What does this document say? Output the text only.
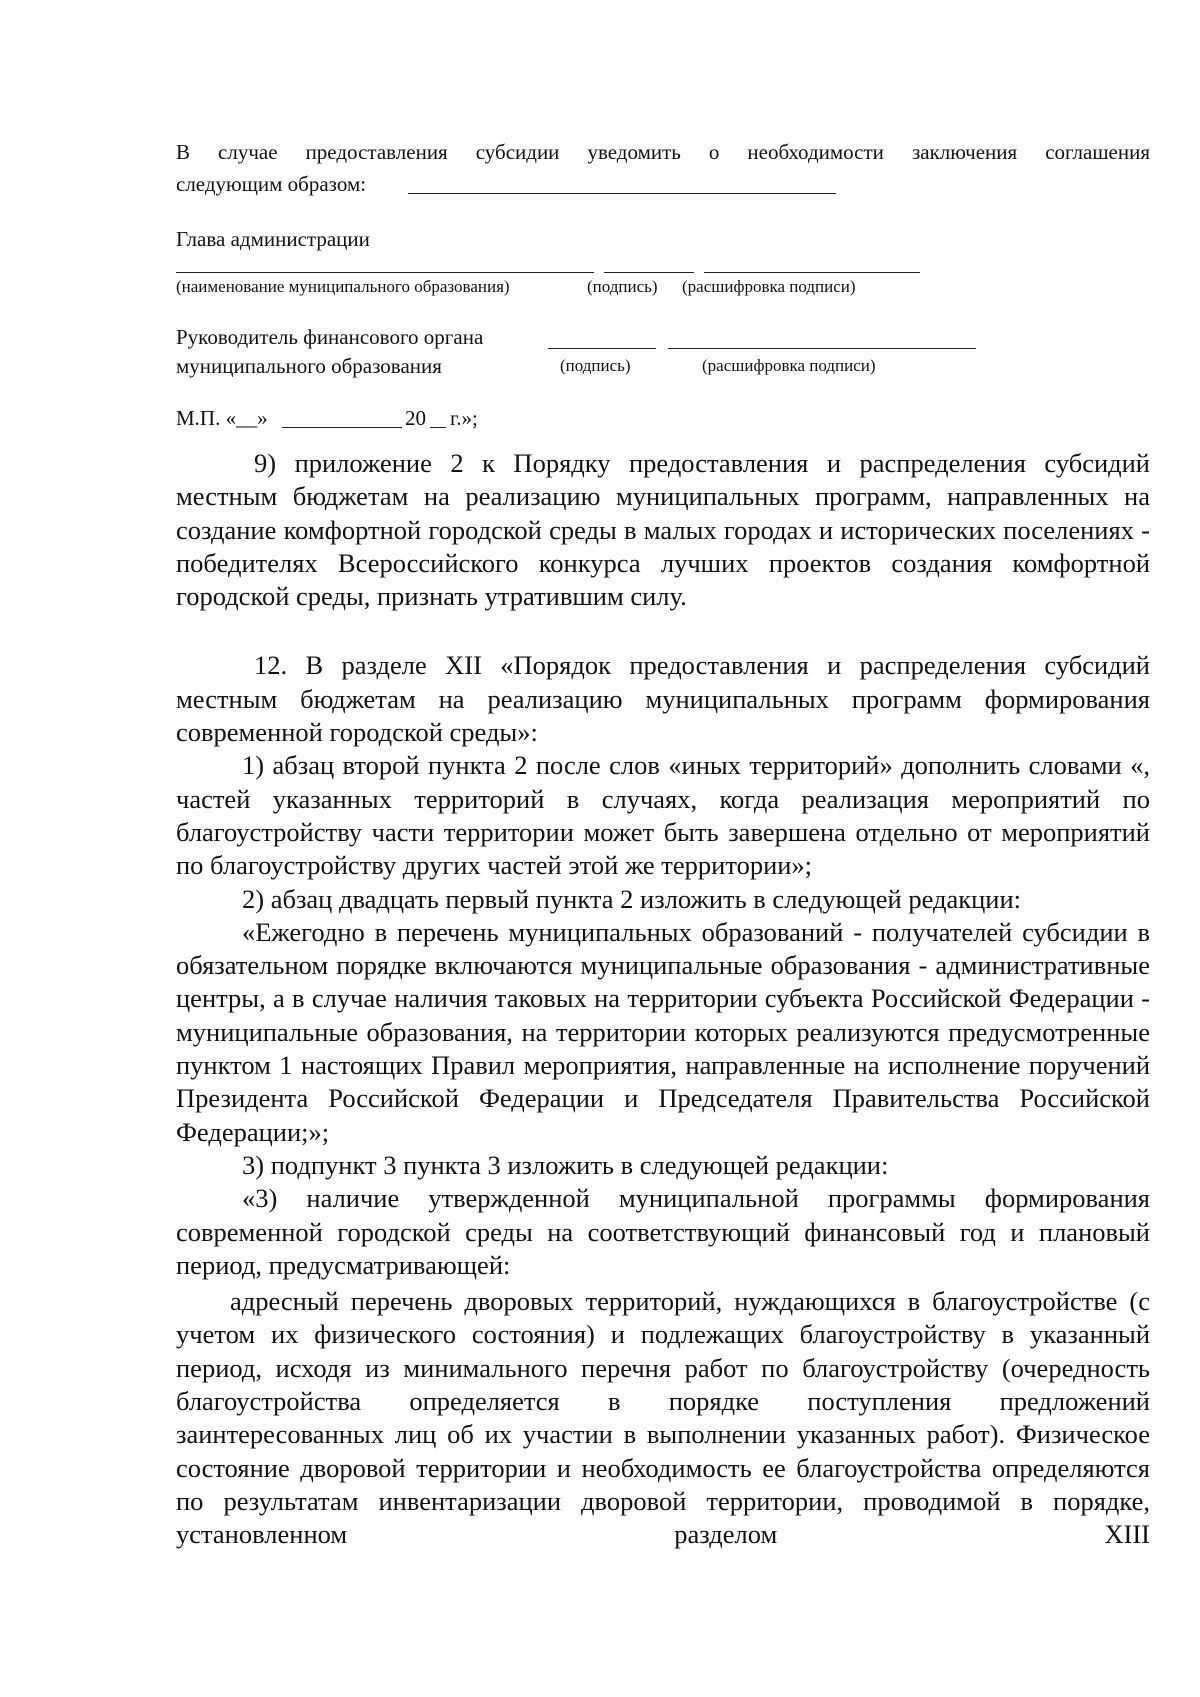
В случае предоставления субсидии уведомить о необходимости заключения соглашения
следующим образом:
Глава администрации
(наименование муниципального образования)	(подпись) (расшифровка подписи)
Руководитель финансового органа
муниципального образования	(подпись)	(расшифровка подписи)
М.П. «__»	20 г.»;

9) приложение 2 к Порядку предоставления и распределения субсидий местным бюджетам на реализацию муниципальных программ, направленных на создание комфортной городской среды в малых городах и исторических поселениях - победителях Всероссийского конкурса лучших проектов создания комфортной городской среды, признать утратившим силу.

12. В разделе XII «Порядок предоставления и распределения субсидий местным бюджетам на реализацию муниципальных программ формирования современной городской среды»:

1) абзац второй пункта 2 после слов «иных территорий» дополнить словами «, частей указанных территорий в случаях, когда реализация мероприятий по благоустройству части территории может быть завершена отдельно от мероприятий по благоустройству других частей этой же территории»;

2) абзац двадцать первый пункта 2 изложить в следующей редакции:

«Ежегодно в перечень муниципальных образований - получателей субсидии в обязательном порядке включаются муниципальные образования - административные центры, а в случае наличия таковых на территории субъекта Российской Федерации - муниципальные образования, на территории которых реализуются предусмотренные пунктом 1 настоящих Правил мероприятия, направленные на исполнение поручений Президента Российской Федерации и Председателя Правительства Российской Федерации;»;

3) подпункт 3 пункта 3 изложить в следующей редакции:

«3) наличие утвержденной муниципальной программы формирования современной городской среды на соответствующий финансовый год и плановый период, предусматривающей:

адресный перечень дворовых территорий, нуждающихся в благоустройстве (с учетом их физического состояния) и подлежащих благоустройству в указанный период, исходя из минимального перечня работ по благоустройству (очередность благоустройства определяется в порядке поступления предложений заинтересованных лиц об их участии в выполнении указанных работ). Физическое состояние дворовой территории и необходимость ее благоустройства определяются по результатам инвентаризации дворовой территории, проводимой в порядке, установленном разделом XIII
